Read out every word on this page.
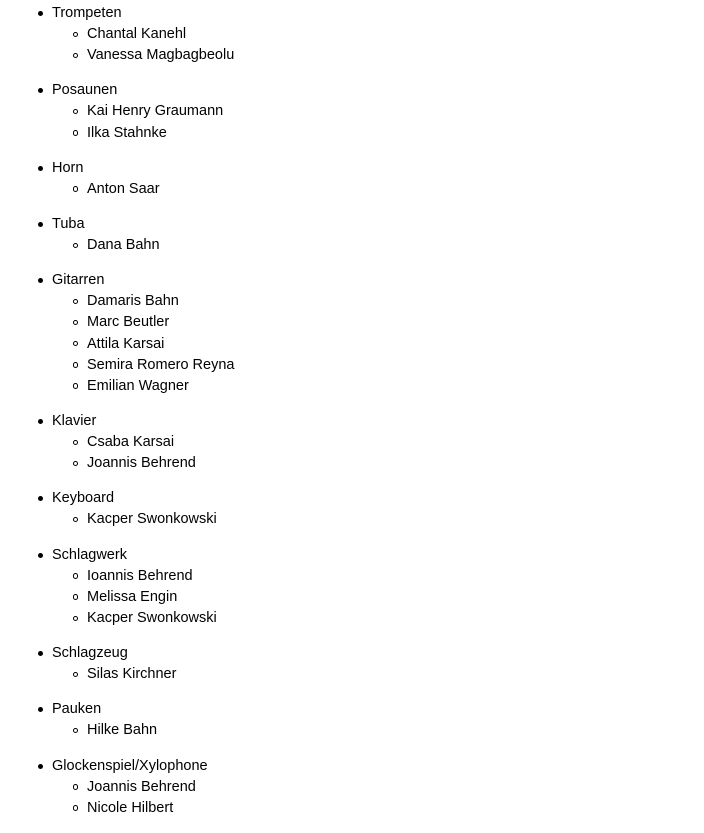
Trompeten
Chantal Kanehl
Vanessa Magbagbeolu
Posaunen
Kai Henry Graumann
Ilka Stahnke
Horn
Anton Saar
Tuba
Dana Bahn
Gitarren
Damaris Bahn
Marc Beutler
Attila Karsai
Semira Romero Reyna
Emilian Wagner
Klavier
Csaba Karsai
Joannis Behrend
Keyboard
Kacper Swonkowski
Schlagwerk
Ioannis Behrend
Melissa Engin
Kacper Swonkowski
Schlagzeug
Silas Kirchner
Pauken
Hilke Bahn
Glockenspiel/Xylophone
Joannis Behrend
Nicole Hilbert
